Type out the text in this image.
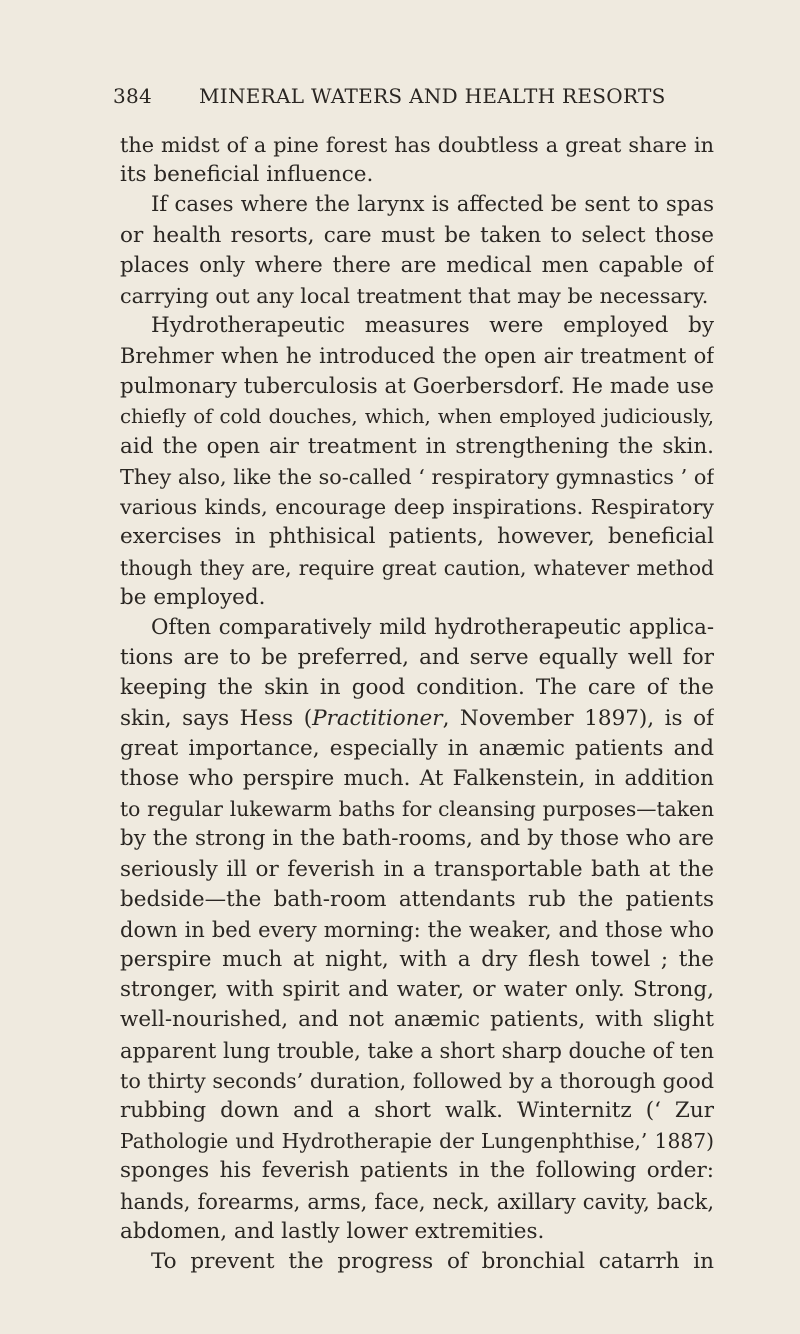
384 MINERAL WATERS AND HEALTH RESORTS
the midst of a pine forest has doubtless a great share in
its beneficial influence.
If cases where the larynx is affected be sent to spas
or health resorts, care must be taken to select those
places only where there are medical men capable of
carrying out any local treatment that may be necessary.
Hydrotherapeutic measures were employed by
Brehmer when he introduced the open air treatment of
pulmonary tuberculosis at Goerbersdorf. He made use
chiefly of cold douches, which, when employed judiciously,
aid the open air treatment in strengthening the skin.
They also, like the so-called ‘ respiratory gymnastics ’ of
various kinds, encourage deep inspirations. Respiratory
exercises in phthisical patients, however, beneficial
though they are, require great caution, whatever method
be employed.
Often comparatively mild hydrotherapeutic applica-
tions are to be preferred, and serve equally well for
keeping the skin in good condition. The care of the
skin, says Hess (Practitioner, November 1897), is of
great importance, especially in anæmic patients and
those who perspire much. At Falkenstein, in addition
to regular lukewarm baths for cleansing purposes—taken
by the strong in the bath-rooms, and by those who are
seriously ill or feverish in a transportable bath at the
bedside—the bath-room attendants rub the patients
down in bed every morning: the weaker, and those who
perspire much at night, with a dry flesh towel ; the
stronger, with spirit and water, or water only. Strong,
well-nourished, and not anæmic patients, with slight
apparent lung trouble, take a short sharp douche of ten
to thirty seconds’ duration, followed by a thorough good
rubbing down and a short walk. Winternitz (‘ Zur
Pathologie und Hydrotherapie der Lungenphthise,’ 1887)
sponges his feverish patients in the following order:
hands, forearms, arms, face, neck, axillary cavity, back,
abdomen, and lastly lower extremities.
To prevent the progress of bronchial catarrh in
